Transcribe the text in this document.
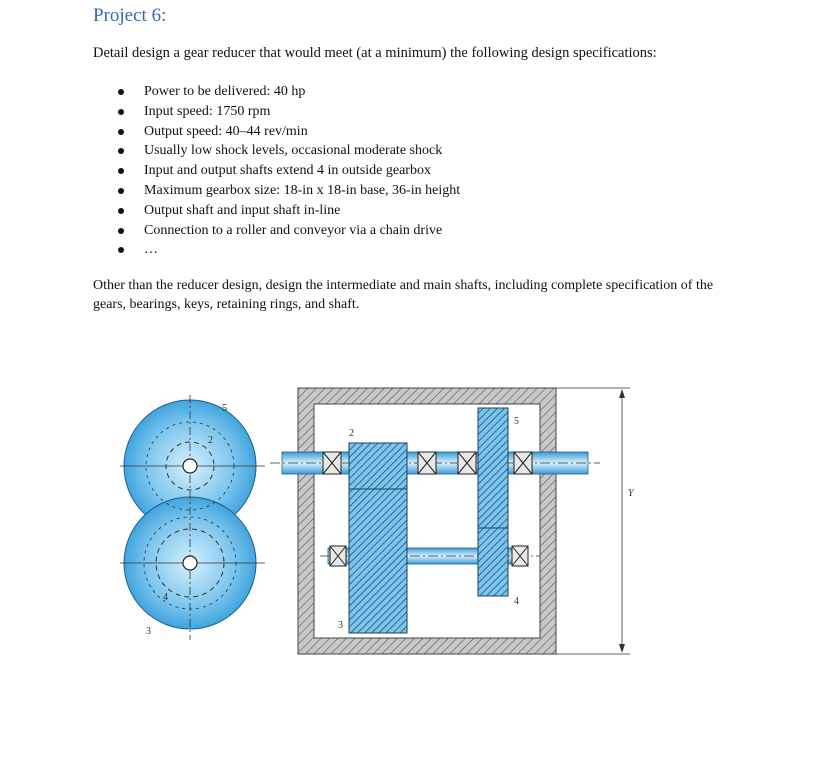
Project 6:
Detail design a gear reducer that would meet (at a minimum) the following design specifications:
Power to be delivered: 40 hp
Input speed: 1750 rpm
Output speed: 40–44 rev/min
Usually low shock levels, occasional moderate shock
Input and output shafts extend 4 in outside gearbox
Maximum gearbox size: 18-in x 18-in base, 36-in height
Output shaft and input shaft in-line
Connection to a roller and conveyor via a chain drive
…
Other than the reducer design, design the intermediate and main shafts, including complete specification of the gears, bearings, keys, retaining rings, and shaft.
5
2
4
3
2
5
3
4
Y
